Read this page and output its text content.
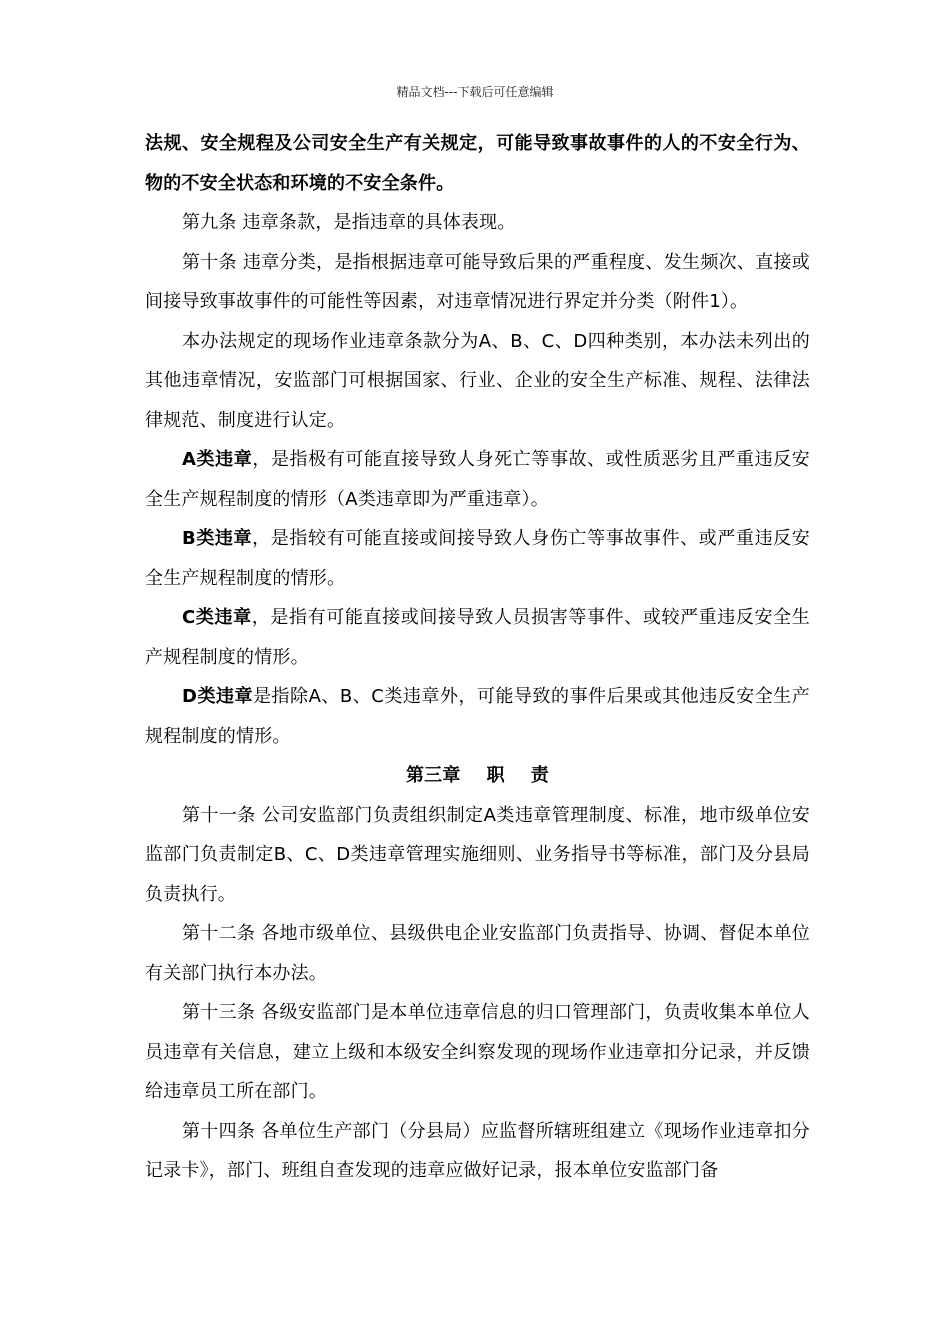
精品文档---下载后可任意编辑

法规、安全规程及公司安全生产有关规定，可能导致事故事件的人的不安全行为、物的不安全状态和环境的不安全条件。

第九条 违章条款，是指违章的具体表现。

第十条 违章分类，是指根据违章可能导致后果的严重程度、发生频次、直接或间接导致事故事件的可能性等因素，对违章情况进行界定并分类（附件1）。

本办法规定的现场作业违章条款分为A、B、C、D四种类别，本办法未列出的其他违章情况，安监部门可根据国家、行业、企业的安全生产标准、规程、法律法律规范、制度进行认定。

A类违章，是指极有可能直接导致人身死亡等事故、或性质恶劣且严重违反安全生产规程制度的情形（A类违章即为严重违章）。

B类违章，是指较有可能直接或间接导致人身伤亡等事故事件、或严重违反安全生产规程制度的情形。

C类违章，是指有可能直接或间接导致人员损害等事件、或较严重违反安全生产规程制度的情形。

D类违章是指除A、B、C类违章外，可能导致的事件后果或其他违反安全生产规程制度的情形。

第三章 职 责

第十一条 公司安监部门负责组织制定A类违章管理制度、标准，地市级单位安监部门负责制定B、C、D类违章管理实施细则、业务指导书等标准，部门及分县局负责执行。

第十二条 各地市级单位、县级供电企业安监部门负责指导、协调、督促本单位有关部门执行本办法。

第十三条 各级安监部门是本单位违章信息的归口管理部门，负责收集本单位人员违章有关信息，建立上级和本级安全纠察发现的现场作业违章扣分记录，并反馈给违章员工所在部门。

第十四条 各单位生产部门（分县局）应监督所辖班组建立《现场作业违章扣分记录卡》，部门、班组自查发现的违章应做好记录，报本单位安监部门备
